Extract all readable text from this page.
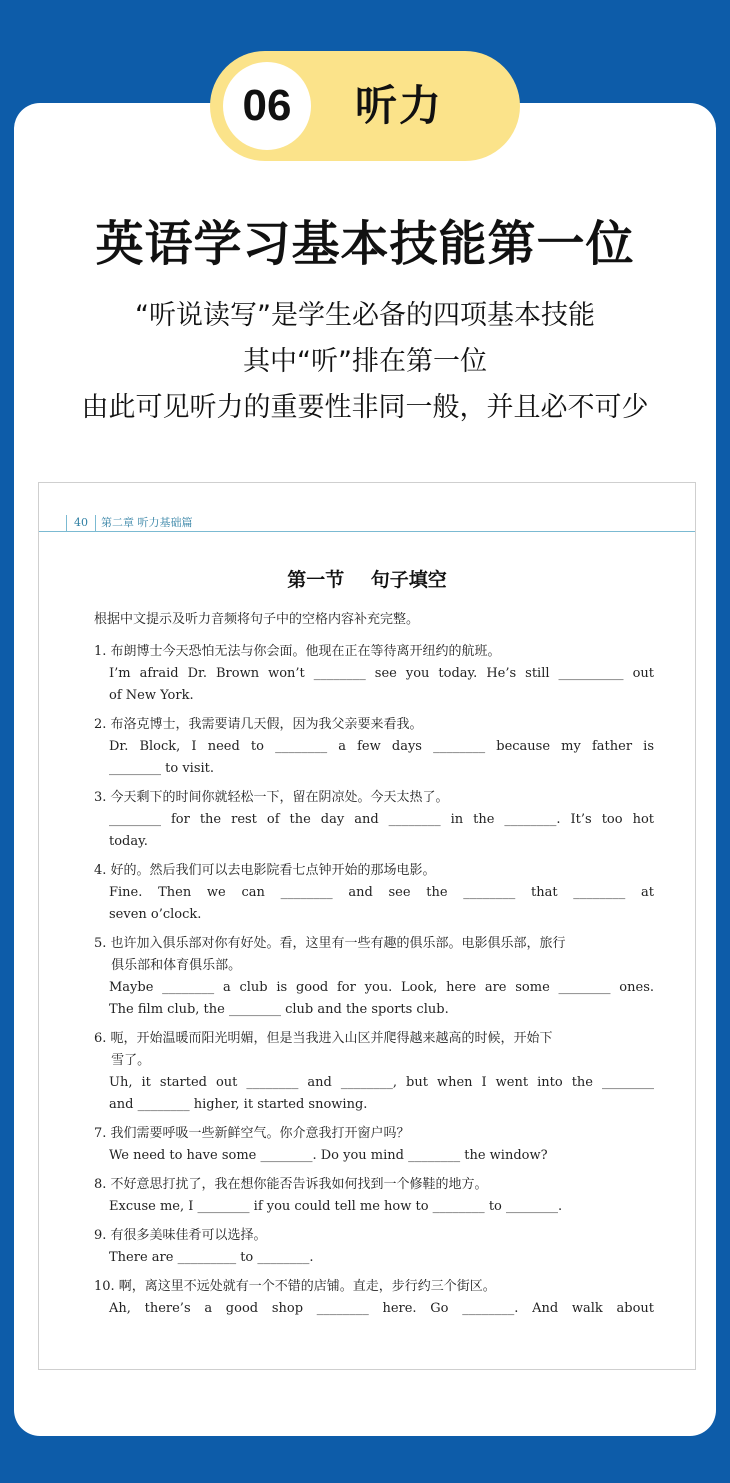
06	听力
英语学习基本技能第一位
“听说读写”是学生必备的四项基本技能
其中“听”排在第一位
由此可见听力的重要性非同一般，并且必不可少
40	第二章 听力基础篇
第一节    句子填空
根据中文提示及听力音频将句子中的空格内容补充完整。
1. 布朗博士今天恐怕无法与你会面。他现在正在等待离开纽约的航班。
I’m afraid Dr. Brown won’t ________ see you today. He’s still __________ out
of New York.
2. 布洛克博士，我需要请几天假，因为我父亲要来看我。
Dr. Block, I need to ________ a few days ________ because my father is
________ to visit.
3. 今天剩下的时间你就轻松一下，留在阴凉处。今天太热了。
________ for the rest of the day and ________ in the ________. It’s too hot
today.
4. 好的。然后我们可以去电影院看七点钟开始的那场电影。
Fine. Then we can ________ and see the ________ that ________ at
seven o’clock.
5. 也许加入俱乐部对你有好处。看，这里有一些有趣的俱乐部。电影俱乐部，旅行
　 俱乐部和体育俱乐部。
Maybe ________ a club is good for you. Look, here are some ________ ones.
The film club, the ________ club and the sports club.
6. 呃，开始温暖而阳光明媚，但是当我进入山区并爬得越来越高的时候，开始下
　 雪了。
Uh, it started out ________ and ________, but when I went into the ________
and ________ higher, it started snowing.
7. 我们需要呼吸一些新鲜空气。你介意我打开窗户吗？
We need to have some ________. Do you mind ________ the window?
8. 不好意思打扰了，我在想你能否告诉我如何找到一个修鞋的地方。
Excuse me, I ________ if you could tell me how to ________ to ________.
9. 有很多美味佳肴可以选择。
There are _________ to ________.
10. 啊，离这里不远处就有一个不错的店铺。直走，步行约三个街区。
Ah, there’s a good shop ________ here. Go ________. And walk about
